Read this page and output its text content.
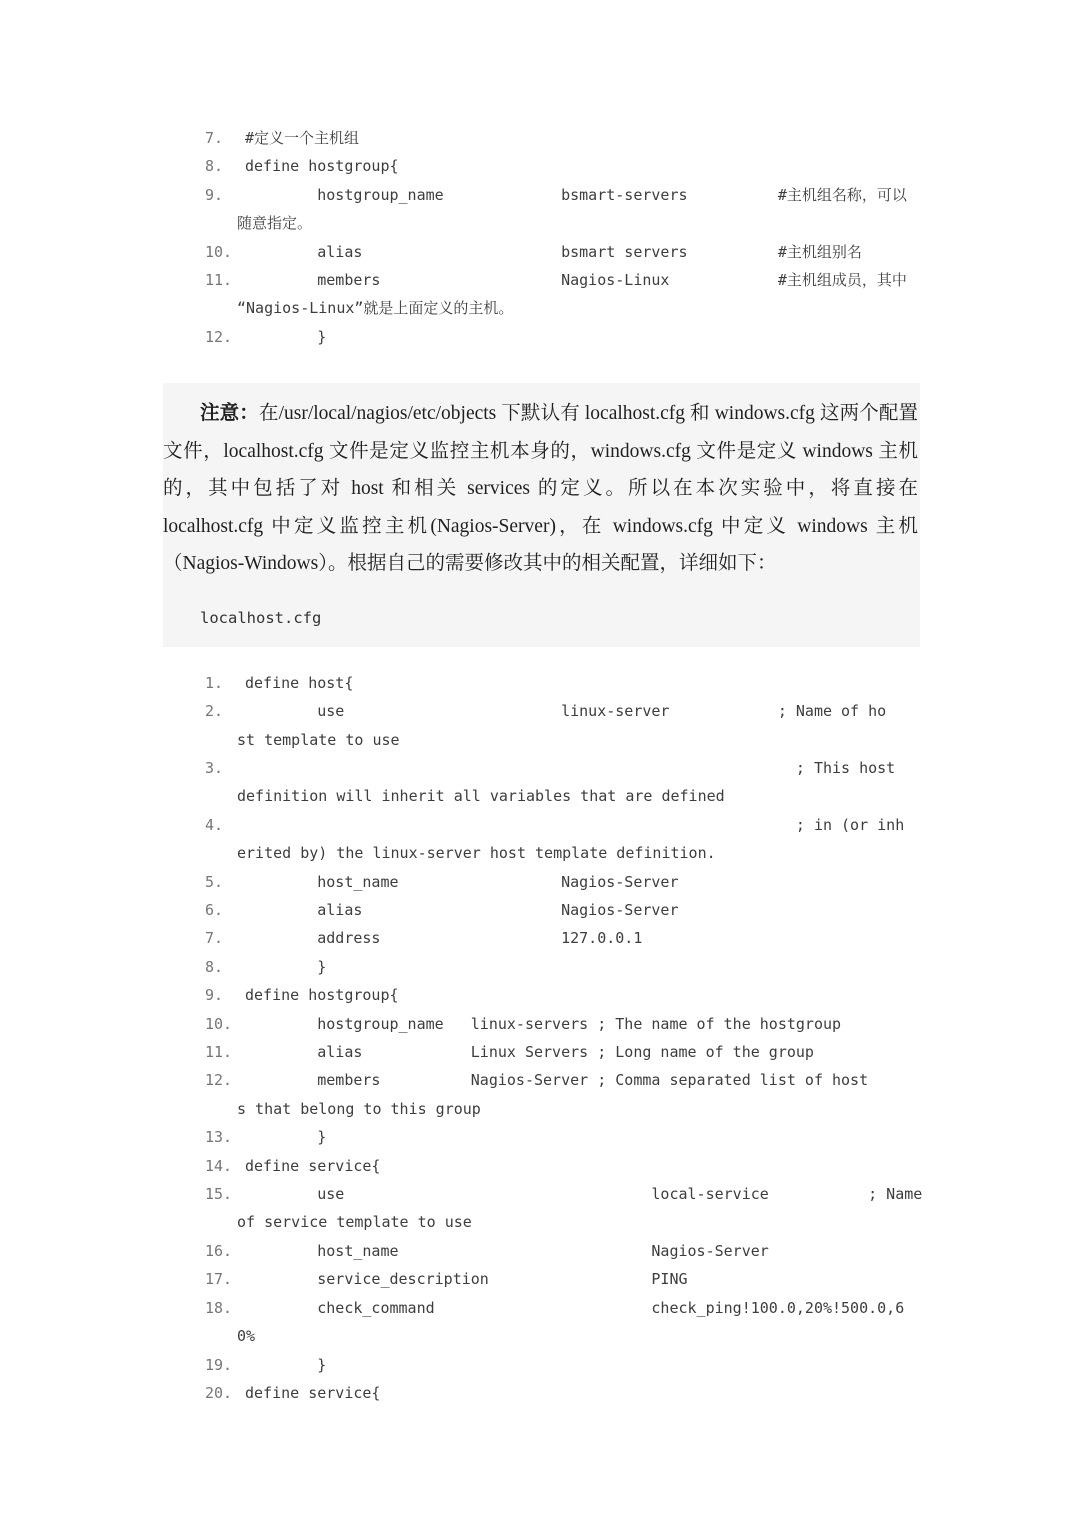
7.	#定义一个主机组
8.	define hostgroup{
9.	hostgroup_name             bsmart-servers          #主机组名称，可以
随意指定。
10. alias                      bsmart servers          #主机组别名
11. members                    Nagios-Linux            #主机组成员，其中
“Nagios-Linux”就是上面定义的主机。
12. }

注意：在/usr/local/nagios/etc/objects 下默认有 localhost.cfg 和 windows.cfg 这两个配置文件，localhost.cfg 文件是定义监控主机本身的，windows.cfg 文件是定义 windows 主机的，其中包括了对 host 和相关 services 的定义。所以在本次实验中，将直接在 localhost.cfg 中定义监控主机(Nagios-Server)，在 windows.cfg 中定义 windows 主机（Nagios-Windows）。根据自己的需要修改其中的相关配置，详细如下：

localhost.cfg
1.	define host{
2.	use                        linux-server            ; Name of ho
st template to use
3.	; This host
definition will inherit all variables that are defined
4.	; in (or inh
erited by) the linux-server host template definition.
5.	host_name                  Nagios-Server
6.	alias                      Nagios-Server
7.	address                    127.0.0.1
8.	}
9.	define hostgroup{
10. hostgroup_name   linux-servers ; The name of the hostgroup
11. alias            Linux Servers ; Long name of the group
12. members          Nagios-Server ; Comma separated list of host
s that belong to this group
13. }
14. define service{
15. use                                  local-service           ; Name
of service template to use
16. host_name                            Nagios-Server
17. service_description                  PING
18. check_command                        check_ping!100.0,20%!500.0,6
0%
19. }
20. define service{
